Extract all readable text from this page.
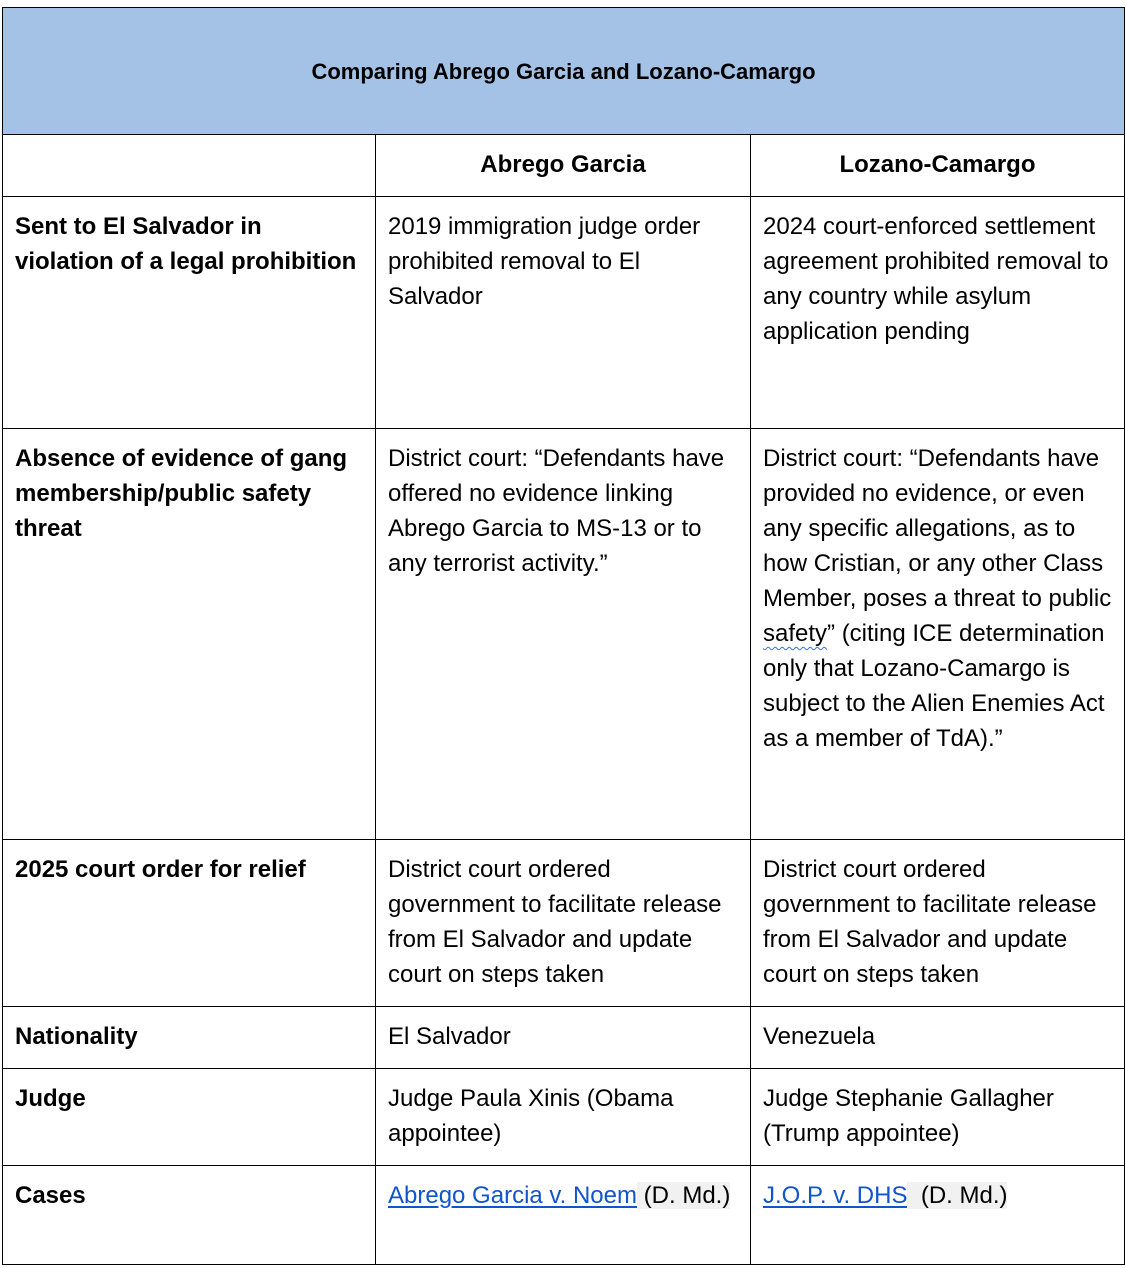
Comparing Abrego Garcia and Lozano-Camargo		
	Abrego Garcia	Lozano-Camargo
Sent to El Salvador in violation of a legal prohibition	2019 immigration judge order prohibited removal to El Salvador	2024 court-enforced settlement agreement prohibited removal to any country while asylum application pending
Absence of evidence of gang membership/public safety threat	District court: “Defendants have offered no evidence linking Abrego Garcia to MS-13 or to any terrorist activity.”	District court: “Defendants have provided no evidence, or even any specific allegations, as to how Cristian, or any other Class Member, poses a threat to public safety” (citing ICE determination only that Lozano-Camargo is subject to the Alien Enemies Act as a member of TdA).”
2025 court order for relief	District court ordered government to facilitate release from El Salvador and update court on steps taken	District court ordered government to facilitate release from El Salvador and update court on steps taken
Nationality	El Salvador	Venezuela
Judge	Judge Paula Xinis (Obama appointee)	Judge Stephanie Gallagher (Trump appointee)
Cases	Abrego Garcia v. Noem (D. Md.)	J.O.P. v. DHS  (D. Md.)
